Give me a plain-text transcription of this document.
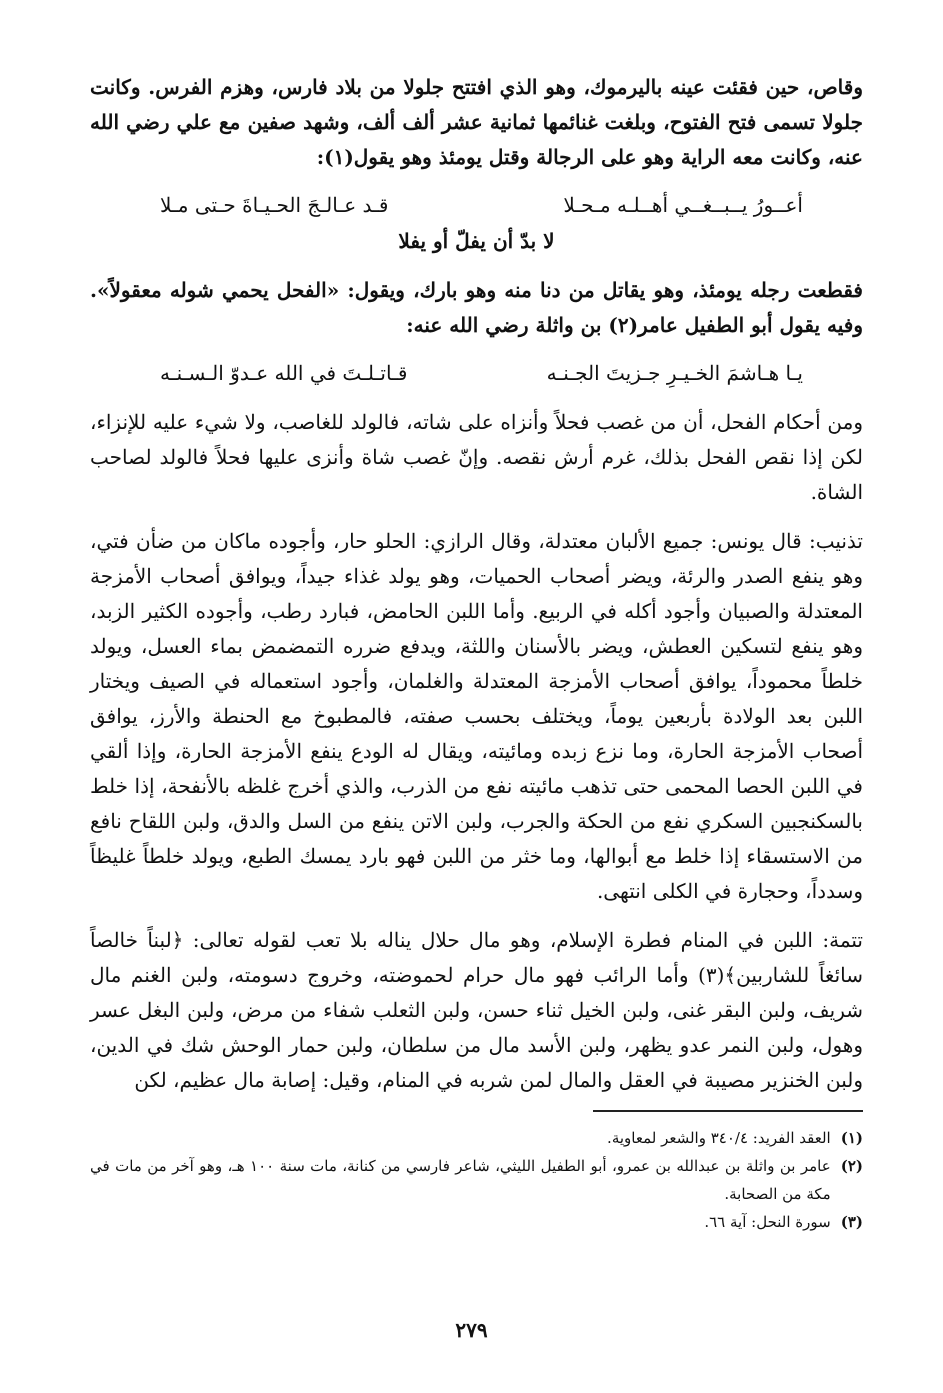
وقاص، حين فقئت عينه باليرموك، وهو الذي افتتح جلولا من بلاد فارس، وهزم الفرس. وكانت جلولا تسمى فتح الفتوح، وبلغت غنائمها ثمانية عشر ألف ألف، وشهد صفين مع علي رضي الله عنه، وكانت معه الراية وهو على الرجالة وقتل يومئذ وهو يقول(١):

أعــورُ يــبــغــي أهــلـه مـحـلا
قـد عـالـجَ الحـيـاةَ حـتى مـلا
لا بدّ أن يفلّ أو يفلا

فقطعت رجله يومئذ، وهو يقاتل من دنا منه وهو بارك، ويقول: «الفحل يحمي شوله معقولاً». وفيه يقول أبو الطفيل عامر(٢) بن واثلة رضي الله عنه:

يـا هـاشمَ الخـيـرِ جـزيتَ الجـنـه
قـاتـلـتَ في الله عـدوّ الـسـنـه

ومن أحكام الفحل، أن من غصب فحلاً وأنزاه على شاته، فالولد للغاصب، ولا شيء عليه للإنزاء، لكن إذا نقص الفحل بذلك، غرم أرش نقصه. وإنّ غصب شاة وأنزى عليها فحلاً فالولد لصاحب الشاة.

تذنيب: قال يونس: جميع الألبان معتدلة، وقال الرازي: الحلو حار، وأجوده ماكان من ضأن فتي، وهو ينفع الصدر والرئة، ويضر أصحاب الحميات، وهو يولد غذاء جيداً، ويوافق أصحاب الأمزجة المعتدلة والصبيان وأجود أكله في الربيع. وأما اللبن الحامض، فبارد رطب، وأجوده الكثير الزبد، وهو ينفع لتسكين العطش، ويضر بالأسنان واللثة، ويدفع ضرره التمضمض بماء العسل، ويولد خلطاً محموداً، يوافق أصحاب الأمزجة المعتدلة والغلمان، وأجود استعماله في الصيف ويختار اللبن بعد الولادة بأربعين يوماً، ويختلف بحسب صفته، فالمطبوخ مع الحنطة والأرز، يوافق أصحاب الأمزجة الحارة، وما نزع زبده ومائيته، ويقال له الودع ينفع الأمزجة الحارة، وإذا ألقي في اللبن الحصا المحمى حتى تذهب مائيته نفع من الذرب، والذي أخرج غلظه بالأنفحة، إذا خلط بالسكنجبين السكري نفع من الحكة والجرب، ولبن الاتن ينفع من السل والدق، ولبن اللقاح نافع من الاستسقاء إذا خلط مع أبوالها، وما خثر من اللبن فهو بارد يمسك الطبع، ويولد خلطاً غليظاً وسدداً، وحجارة في الكلى انتهى.

تتمة: اللبن في المنام فطرة الإسلام، وهو مال حلال يناله بلا تعب لقوله تعالى: ﴿لبناً خالصاً سائغاً للشاربين﴾(٣) وأما الرائب فهو مال حرام لحموضته، وخروج دسومته، ولبن الغنم مال شريف، ولبن البقر غنى، ولبن الخيل ثناء حسن، ولبن الثعلب شفاء من مرض، ولبن البغل عسر وهول، ولبن النمر عدو يظهر، ولبن الأسد مال من سلطان، ولبن حمار الوحش شك في الدين، ولبن الخنزير مصيبة في العقل والمال لمن شربه في المنام، وقيل: إصابة مال عظيم، لكن

(١)
العقد الفريد: ٣٤٠/٤ والشعر لمعاوية.
(٢)
عامر بن واثلة بن عبدالله بن عمرو، أبو الطفيل الليثي، شاعر فارسي من كنانة، مات سنة ١٠٠ هـ، وهو آخر من مات في مكة من الصحابة.
(٣)
سورة النحل: آية ٦٦.
٢٧٩
